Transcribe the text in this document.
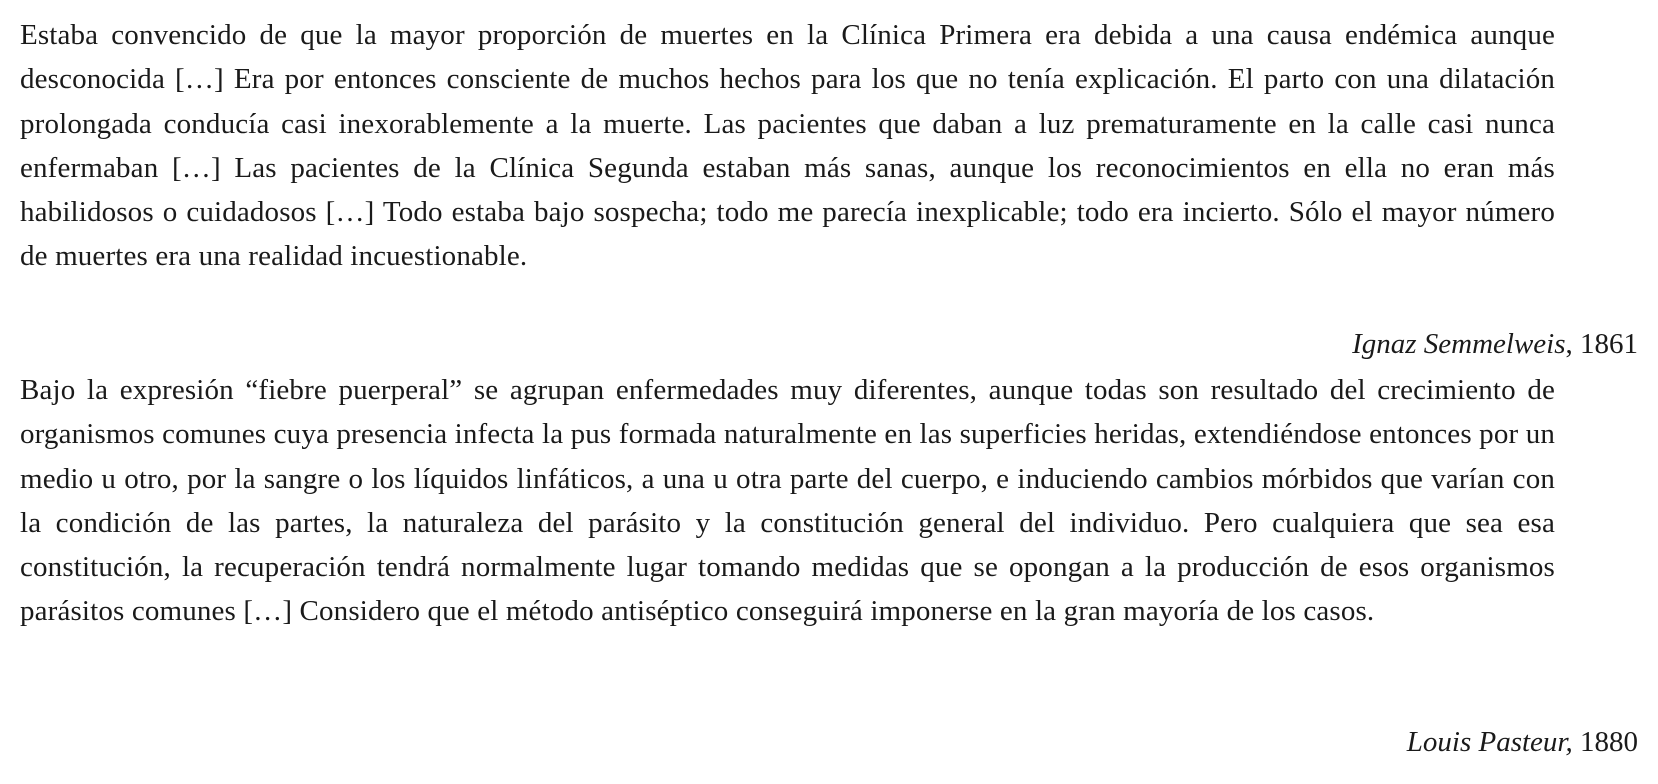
Estaba convencido de que la mayor proporción de muertes en la Clínica Primera era debida a una causa endémica aunque desconocida […] Era por entonces consciente de muchos hechos para los que no tenía explicación. El parto con una dilatación prolongada conducía casi inexorablemente a la muerte. Las pacientes que daban a luz prematuramente en la calle casi nunca enfermaban […] Las pacientes de la Clínica Segunda estaban más sanas, aunque los reconocimientos en ella no eran más habilidosos o cuidadosos […] Todo estaba bajo sospecha; todo me parecía inexplicable; todo era incierto. Sólo el mayor número de muertes era una realidad incuestionable.

Ignaz Semmelweis, 1861

Bajo la expresión “fiebre puerperal” se agrupan enfermedades muy diferentes, aunque todas son resultado del crecimiento de organismos comunes cuya presencia infecta la pus formada naturalmente en las superficies heridas, extendiéndose entonces por un medio u otro, por la sangre o los líquidos linfáticos, a una u otra parte del cuerpo, e induciendo cambios mórbidos que varían con la condición de las partes, la naturaleza del parásito y la constitución general del individuo. Pero cualquiera que sea esa constitución, la recuperación tendrá normalmente lugar tomando medidas que se opongan a la producción de esos organismos parásitos comunes […] Considero que el método antiséptico conseguirá imponerse en la gran mayoría de los casos.

Louis Pasteur, 1880
